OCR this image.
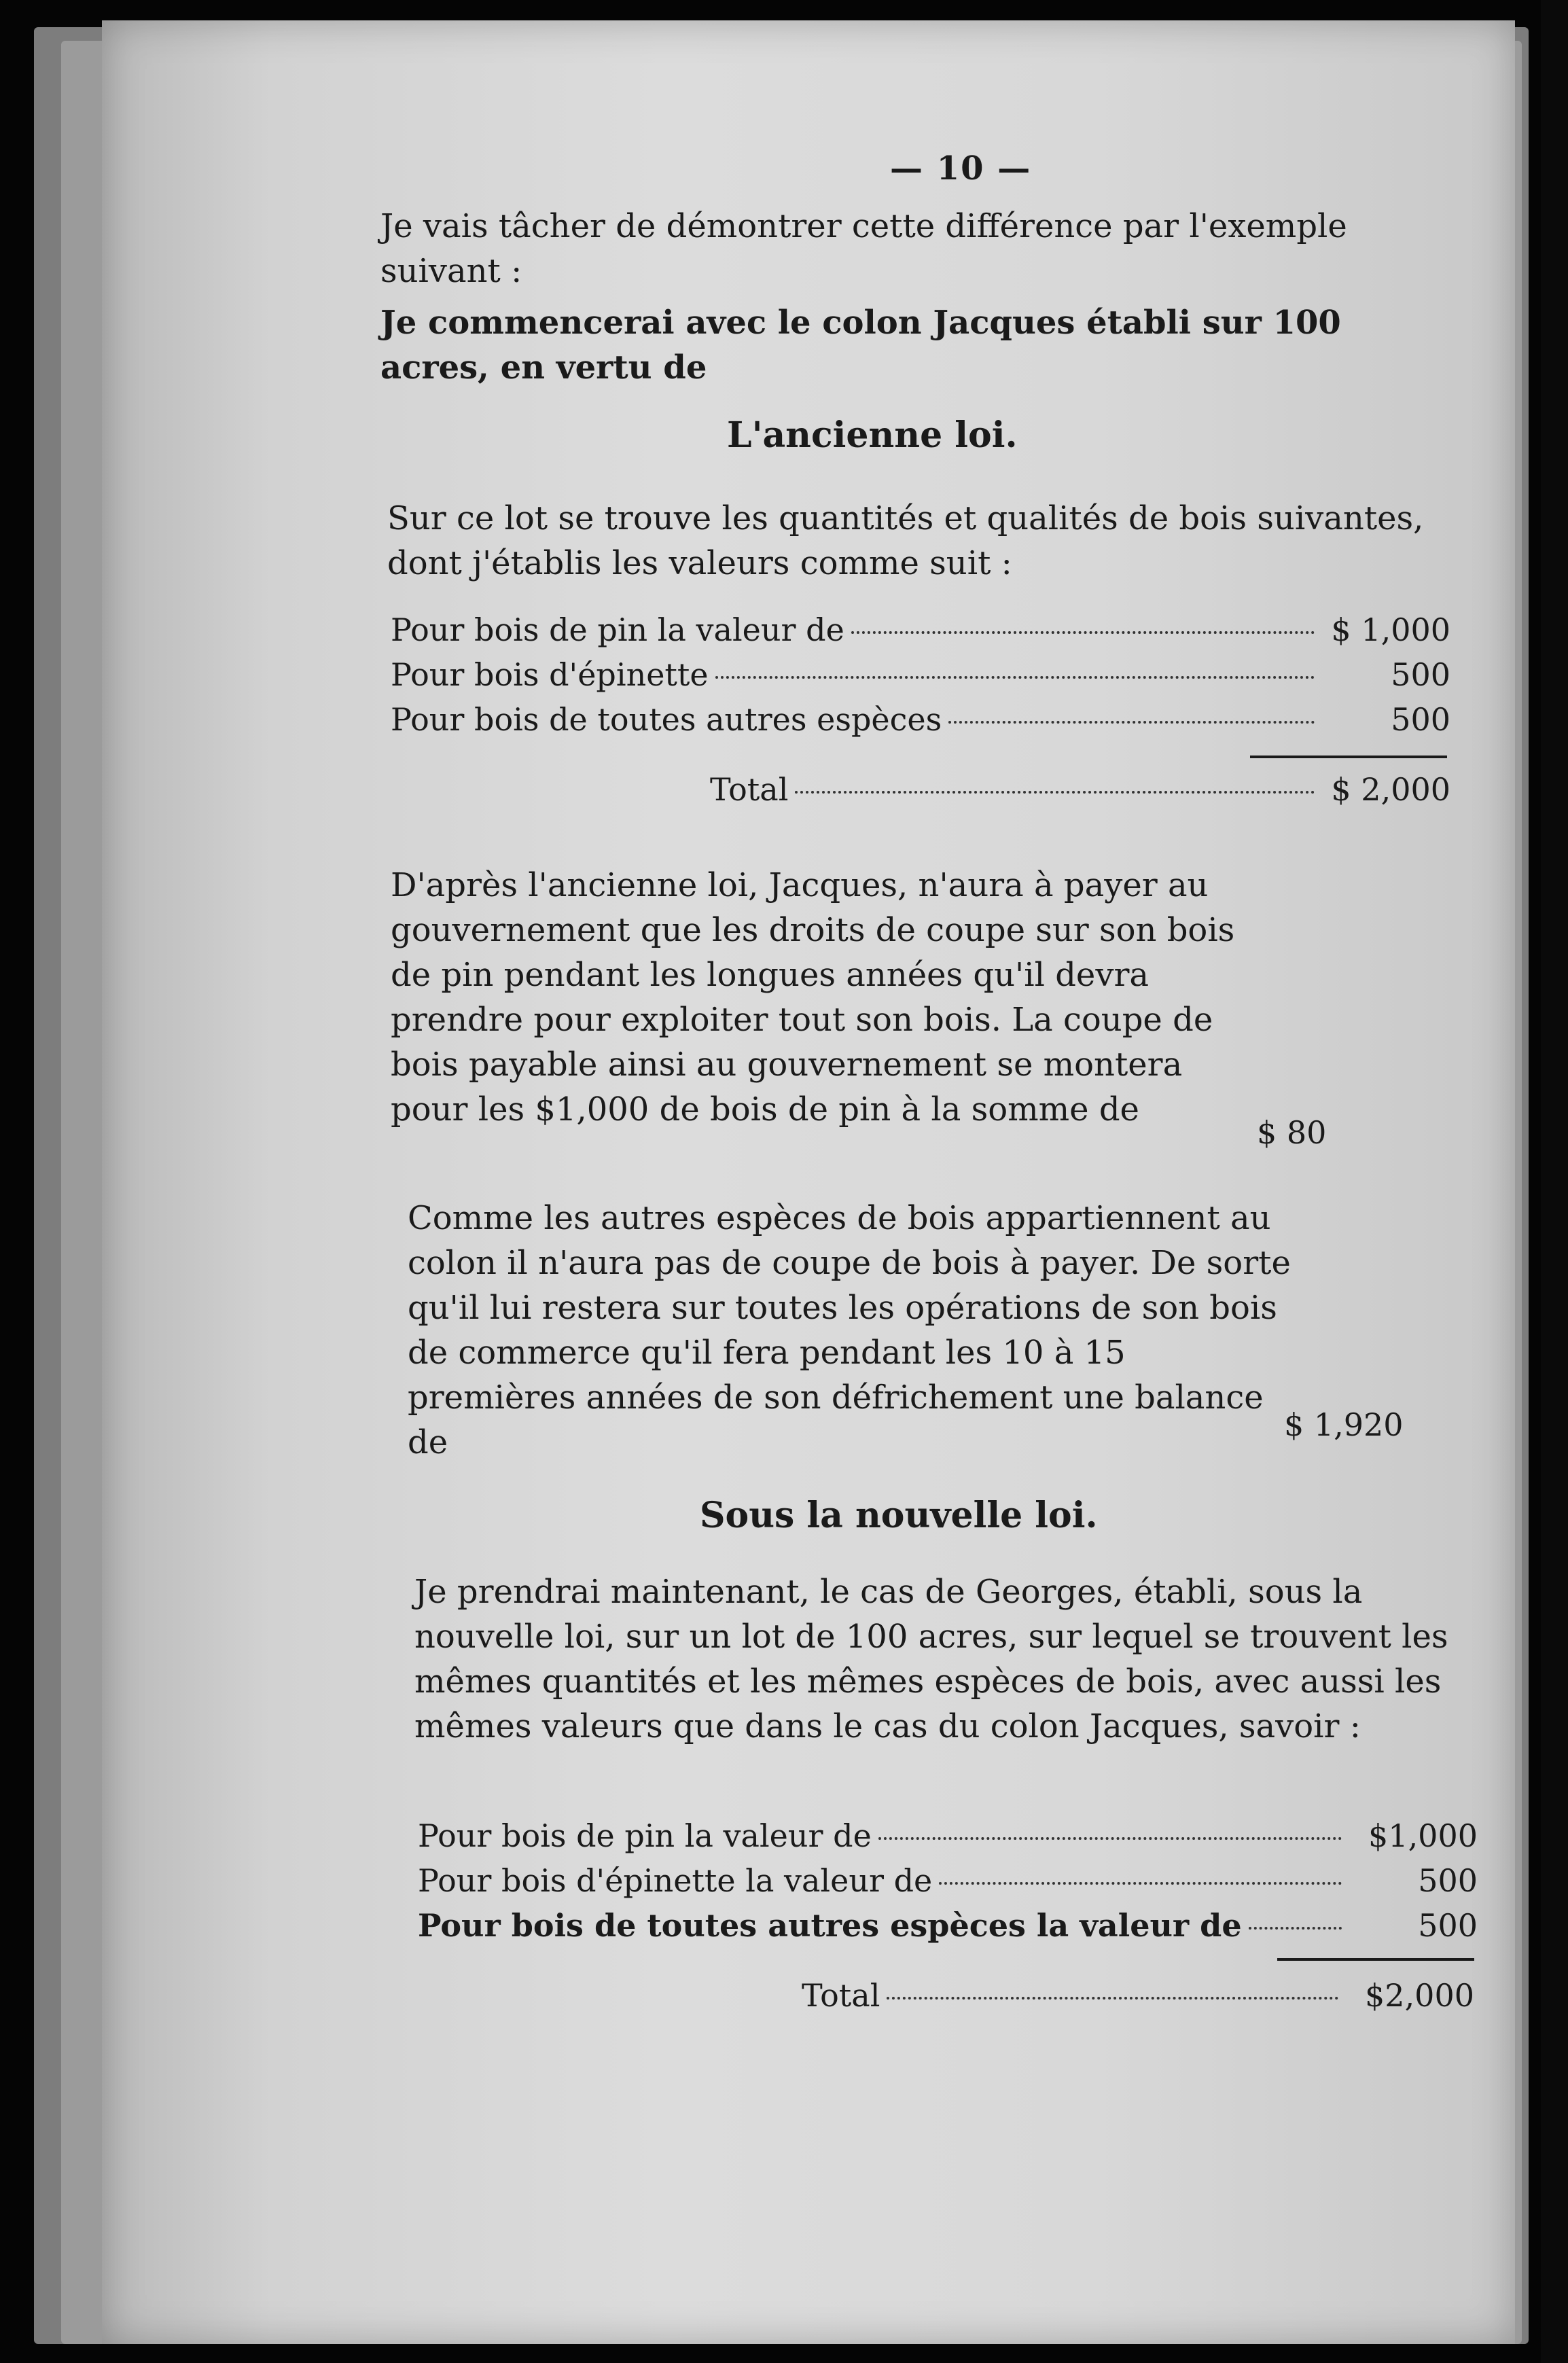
— 10 —

Je vais tâcher de démontrer cette différence par l'exemple suivant :

Je commencerai avec le colon Jacques établi sur 100 acres, en vertu de

L'ancienne loi.

Sur ce lot se trouve les quantités et qualités de bois suivantes, dont j'établis les valeurs comme suit :

Pour bois de pin la valeur de	$ 1,000
Pour bois d'épinette	500
Pour bois de toutes autres espèces	500
Total	$ 2,000

D'après l'ancienne loi, Jacques, n'aura à payer au gouvernement que les droits de coupe sur son bois de pin pendant les longues années qu'il devra prendre pour exploiter tout son bois. La coupe de bois payable ainsi au gouvernement se montera pour les $1,000 de bois de pin à la somme de

$ 80

Comme les autres espèces de bois appartiennent au colon il n'aura pas de coupe de bois à payer. De sorte qu'il lui restera sur toutes les opérations de son bois de commerce qu'il fera pendant les 10 à 15 premières années de son défrichement une balance de	$ 1,920
Sous la nouvelle loi.

Je prendrai maintenant, le cas de Georges, établi, sous la nouvelle loi, sur un lot de 100 acres, sur lequel se trouvent les mêmes quantités et les mêmes espèces de bois, avec aussi les mêmes valeurs que dans le cas du colon Jacques, savoir :

Pour bois de pin la valeur de	$1,000
Pour bois d'épinette la valeur de	500
Pour bois de toutes autres espèces la valeur de	500
Total	$2,000
